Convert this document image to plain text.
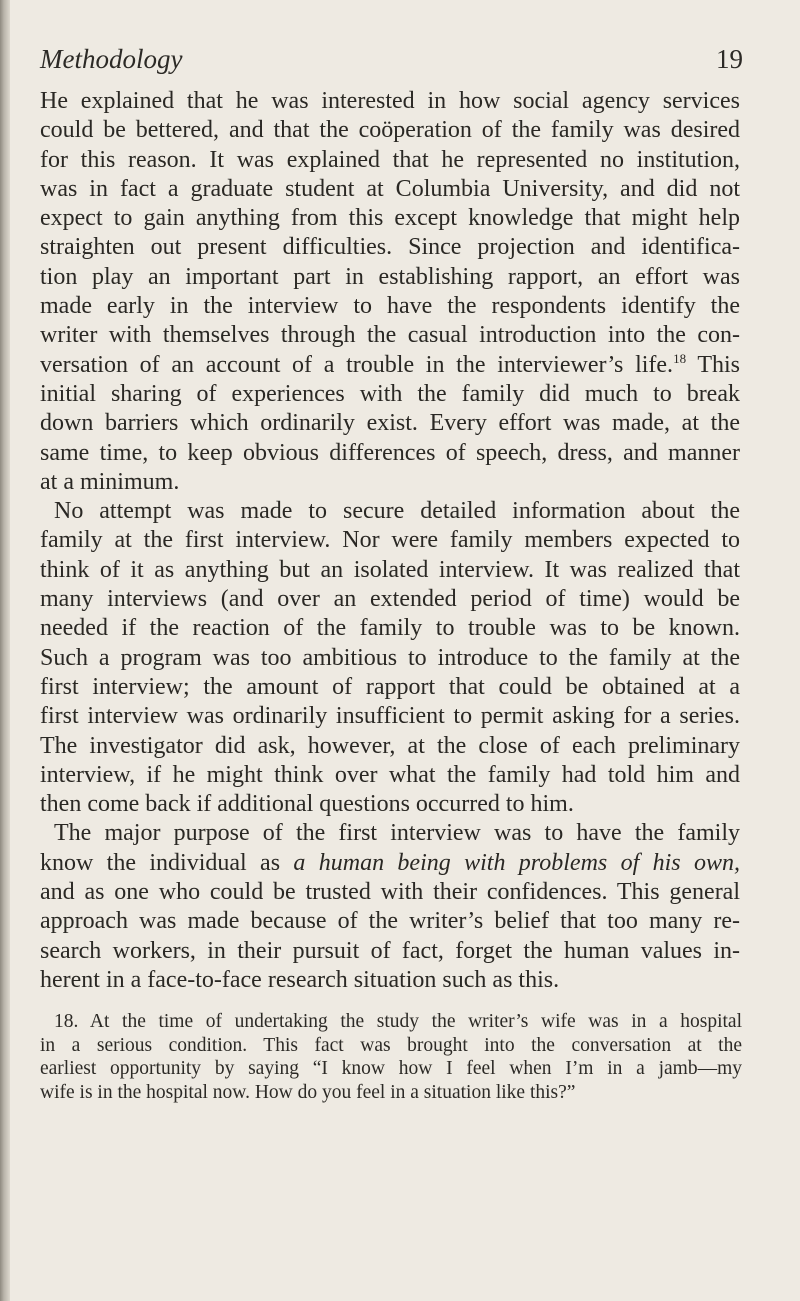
Methodology	19
He explained that he was interested in how social agency services
could be bettered, and that the coöperation of the family was desired
for this reason. It was explained that he represented no institution,
was in fact a graduate student at Columbia University, and did not
expect to gain anything from this except knowledge that might help
straighten out present difficulties. Since projection and identifica-
tion play an important part in establishing rapport, an effort was
made early in the interview to have the respondents identify the
writer with themselves through the casual introduction into the con-
versation of an account of a trouble in the interviewer’s life.$^{18}$ This
initial sharing of experiences with the family did much to break
down barriers which ordinarily exist. Every effort was made, at the
same time, to keep obvious differences of speech, dress, and manner
at a minimum.
No attempt was made to secure detailed information about the
family at the first interview. Nor were family members expected to
think of it as anything but an isolated interview. It was realized that
many interviews (and over an extended period of time) would be
needed if the reaction of the family to trouble was to be known.
Such a program was too ambitious to introduce to the family at the
first interview; the amount of rapport that could be obtained at a
first interview was ordinarily insufficient to permit asking for a series.
The investigator did ask, however, at the close of each preliminary
interview, if he might think over what the family had told him and
then come back if additional questions occurred to him.
The major purpose of the first interview was to have the family
know the individual as a human being with problems of his own,
and as one who could be trusted with their confidences. This general
approach was made because of the writer’s belief that too many re-
search workers, in their pursuit of fact, forget the human values in-
herent in a face-to-face research situation such as this.
18. At the time of undertaking the study the writer’s wife was in a hospital
in a serious condition. This fact was brought into the conversation at the
earliest opportunity by saying “I know how I feel when I’m in a jamb—my
wife is in the hospital now. How do you feel in a situation like this?”
